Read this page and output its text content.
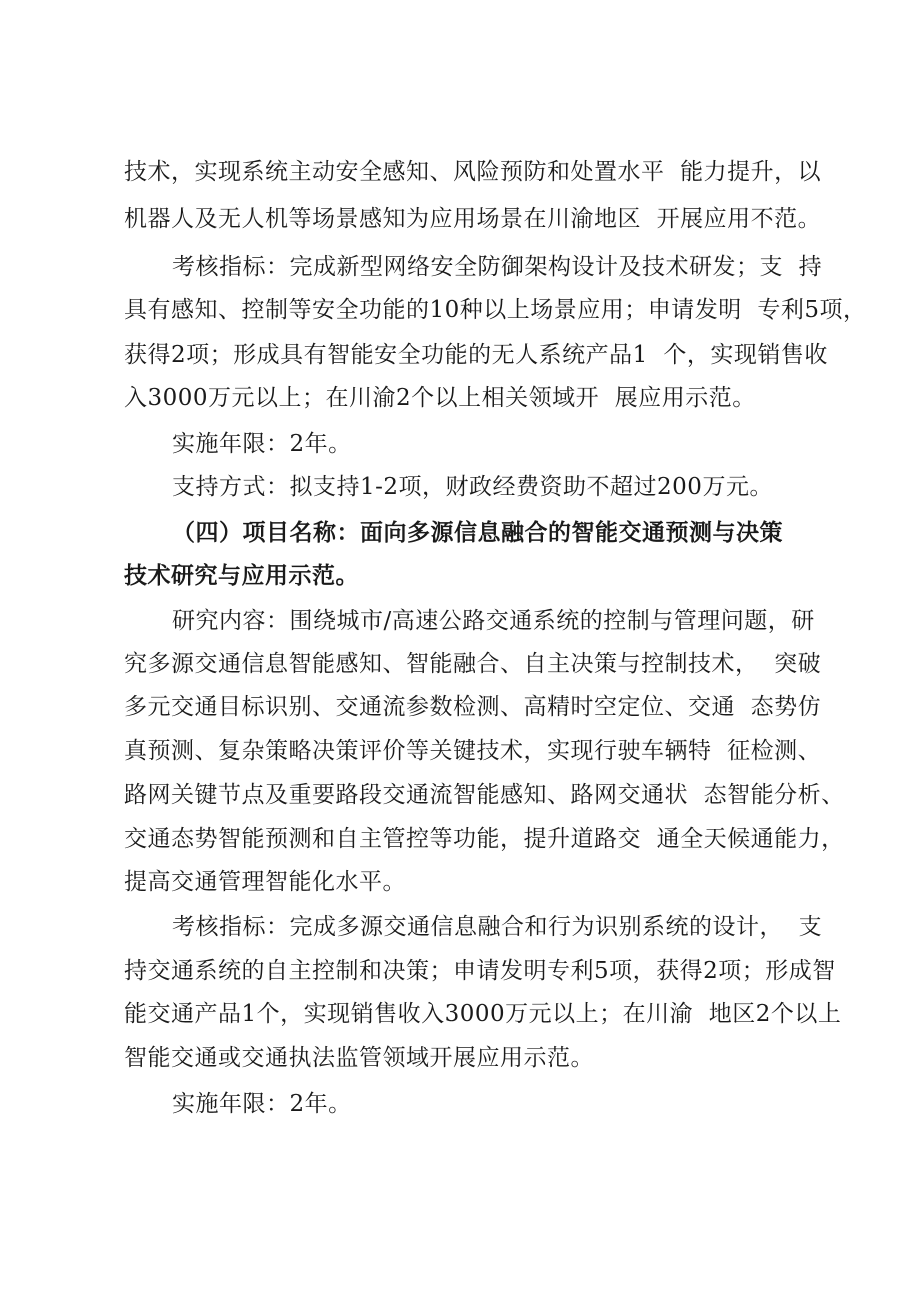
技术，实现系统主动安全感知、风险预防和处置水平  能力提升，以
机器人及无人机等场景感知为应用场景在川渝地区  开展应用不范。
考核指标：完成新型网络安全防御架构设计及技术研发；支  持
具有感知、控制等安全功能的10种以上场景应用；申请发明  专利5项，
获得2项；形成具有智能安全功能的无人系统产品1  个，实现销售收
入3000万元以上；在川渝2个以上相关领域开  展应用示范。
实施年限：2年。
支持方式：拟支持1-2项，财政经费资助不超过200万元。
（四）项目名称：面向多源信息融合的智能交通预测与决策
技术研究与应用示范。
研究内容：围绕城市/高速公路交通系统的控制与管理问题，研
究多源交通信息智能感知、智能融合、自主决策与控制技术，  突破
多元交通目标识别、交通流参数检测、高精时空定位、交通  态势仿
真预测、复杂策略决策评价等关键技术，实现行驶车辆特  征检测、
路网关键节点及重要路段交通流智能感知、路网交通状  态智能分析、
交通态势智能预测和自主管控等功能，提升道路交  通全天候通能力，
提高交通管理智能化水平。
考核指标：完成多源交通信息融合和行为识别系统的设计，  支
持交通系统的自主控制和决策；申请发明专利5项，获得2项；形成智
能交通产品1个，实现销售收入3000万元以上；在川渝  地区2个以上
智能交通或交通执法监管领域开展应用示范。
实施年限：2年。
